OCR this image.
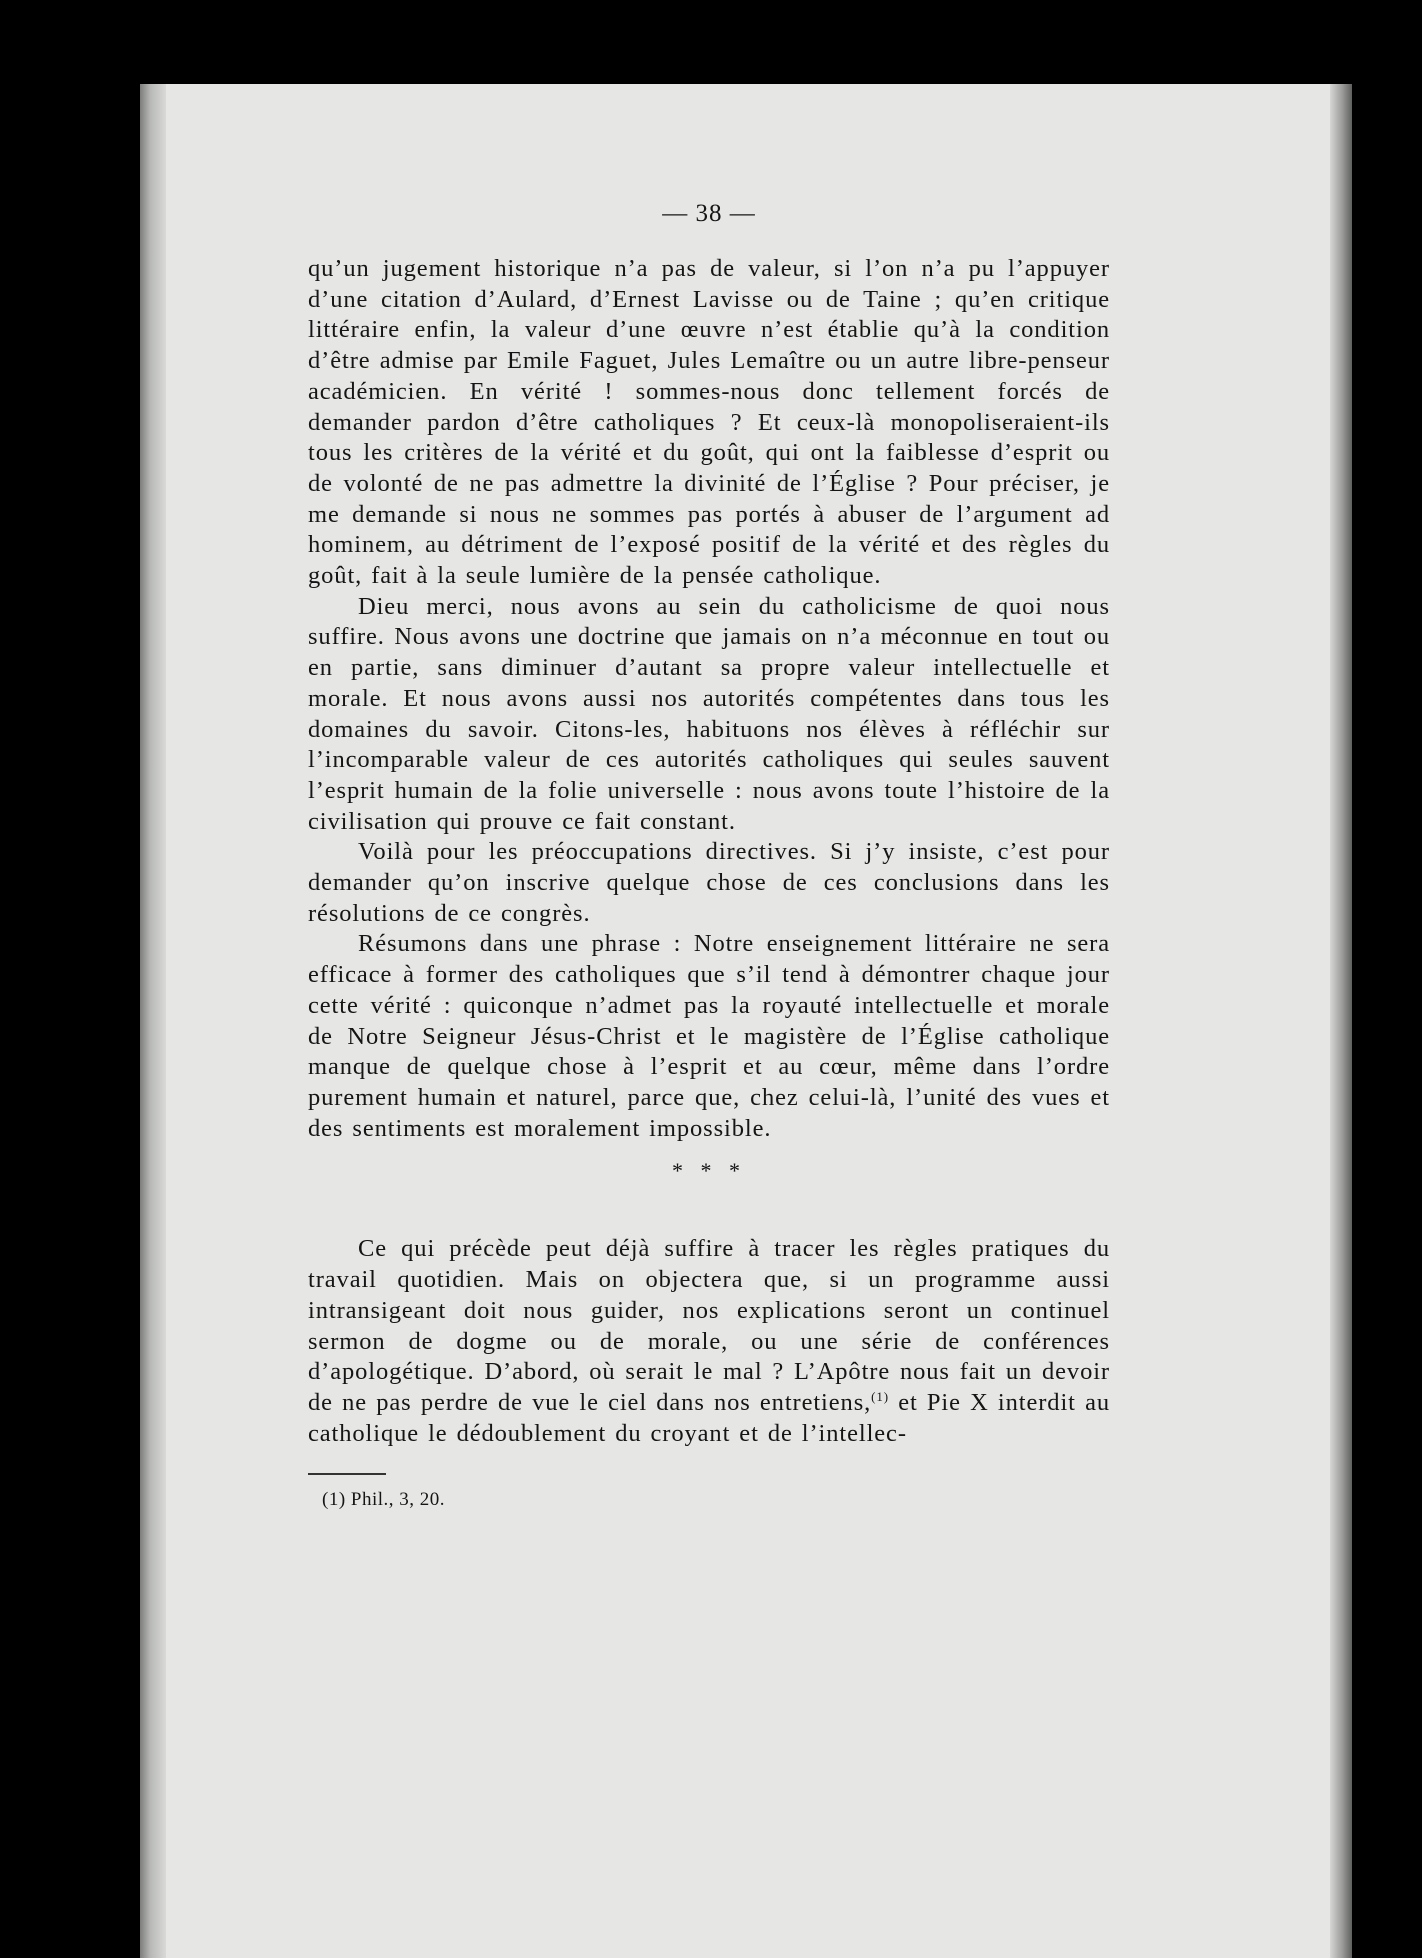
— 38 —

qu’un jugement historique n’a pas de valeur, si l’on n’a pu l’appuyer d’une citation d’Aulard, d’Ernest Lavisse ou de Taine ; qu’en critique littéraire enfin, la valeur d’une œuvre n’est établie qu’à la condition d’être admise par Emile Faguet, Jules Lemaître ou un autre libre-penseur académicien. En vérité ! sommes-nous donc tellement forcés de demander pardon d’être catholiques ? Et ceux-là monopoliseraient-ils tous les critères de la vérité et du goût, qui ont la faiblesse d’esprit ou de volonté de ne pas admettre la divinité de l’Église ? Pour préciser, je me demande si nous ne sommes pas portés à abuser de l’argument ad hominem, au détriment de l’exposé positif de la vérité et des règles du goût, fait à la seule lumière de la pensée catholique.

Dieu merci, nous avons au sein du catholicisme de quoi nous suffire. Nous avons une doctrine que jamais on n’a méconnue en tout ou en partie, sans diminuer d’autant sa propre valeur intellectuelle et morale. Et nous avons aussi nos autorités compétentes dans tous les domaines du savoir. Citons-les, habituons nos élèves à réfléchir sur l’incomparable valeur de ces autorités catholiques qui seules sauvent l’esprit humain de la folie universelle : nous avons toute l’histoire de la civilisation qui prouve ce fait constant.

Voilà pour les préoccupations directives. Si j’y insiste, c’est pour demander qu’on inscrive quelque chose de ces conclusions dans les résolutions de ce congrès.

Résumons dans une phrase : Notre enseignement littéraire ne sera efficace à former des catholiques que s’il tend à démontrer chaque jour cette vérité : quiconque n’admet pas la royauté intellectuelle et morale de Notre Seigneur Jésus-Christ et le magistère de l’Église catholique manque de quelque chose à l’esprit et au cœur, même dans l’ordre purement humain et naturel, parce que, chez celui-là, l’unité des vues et des sentiments est moralement impossible.

* * *

Ce qui précède peut déjà suffire à tracer les règles pratiques du travail quotidien. Mais on objectera que, si un programme aussi intransigeant doit nous guider, nos explications seront un continuel sermon de dogme ou de morale, ou une série de conférences d’apologétique. D’abord, où serait le mal ? L’Apôtre nous fait un devoir de ne pas perdre de vue le ciel dans nos entretiens,$^{(1)}$ et Pie X interdit au catholique le dédoublement du croyant et de l’intellec-

(1) Phil., 3, 20.
